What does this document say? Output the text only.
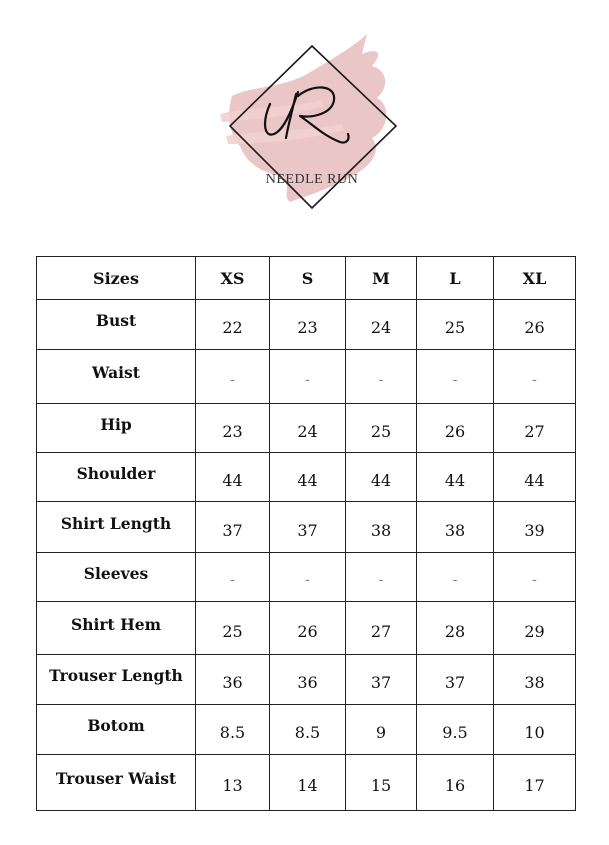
NEEDLE RUN
Sizes	XS	S	M	L	XL
Bust	22	23	24	25	26
Waist	-	-	-	-	-
Hip	23	24	25	26	27
Shoulder	44	44	44	44	44
Shirt Length	37	37	38	38	39
Sleeves	-	-	-	-	-
Shirt Hem	25	26	27	28	29
Trouser Length	36	36	37	37	38
Botom	8.5	8.5	9	9.5	10
Trouser Waist	13	14	15	16	17
